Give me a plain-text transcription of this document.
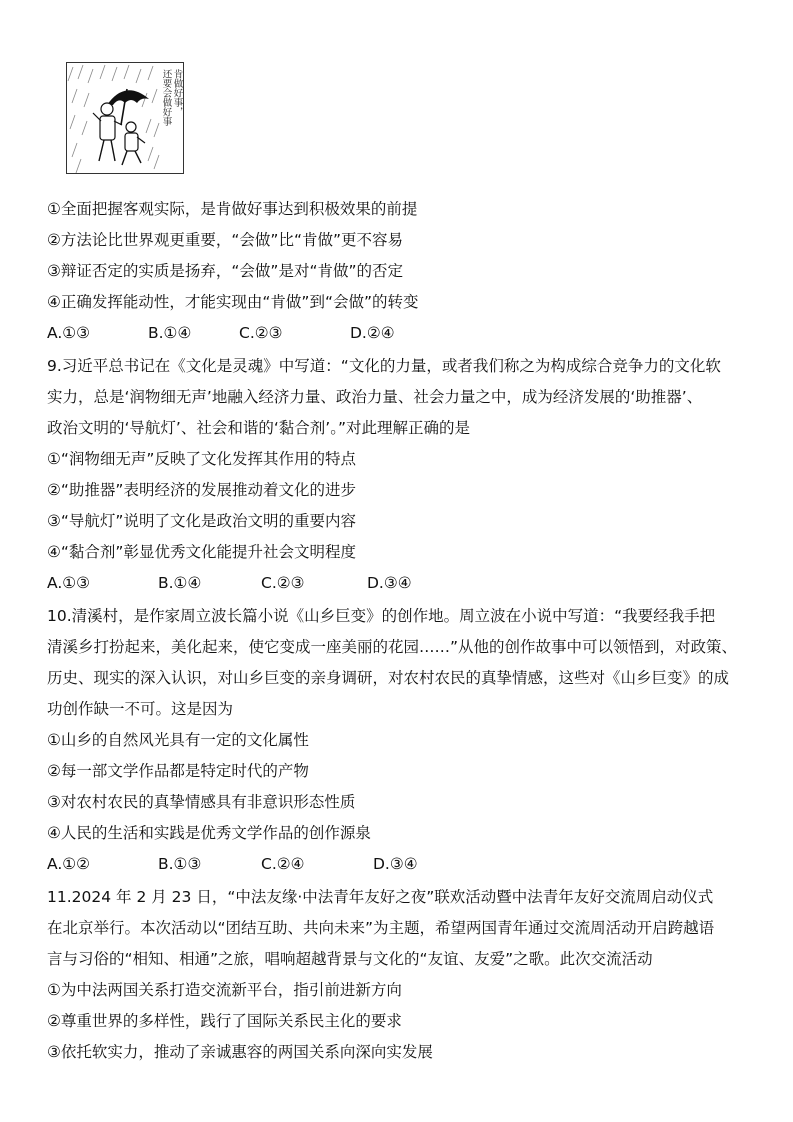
肯做好事，
还要会做好事
①全面把握客观实际，是肯做好事达到积极效果的前提
②方法论比世界观更重要，“会做”比“肯做”更不容易
③辩证否定的实质是扬弃，“会做”是对“肯做”的否定
④正确发挥能动性，才能实现由“肯做”到“会做”的转变
A.①③	B.①④	C.②③	D.②④
9.习近平总书记在《文化是灵魂》中写道：“文化的力量，或者我们称之为构成综合竞争力的文化软
实力，总是‘润物细无声’地融入经济力量、政治力量、社会力量之中，成为经济发展的‘助推器’、
政治文明的‘导航灯’、社会和谐的‘黏合剂’。”对此理解正确的是
①“润物细无声”反映了文化发挥其作用的特点
②“助推器”表明经济的发展推动着文化的进步
③“导航灯”说明了文化是政治文明的重要内容
④“黏合剂”彰显优秀文化能提升社会文明程度
A.①③	B.①④	C.②③	D.③④
10.清溪村，是作家周立波长篇小说《山乡巨变》的创作地。周立波在小说中写道：“我要经我手把
清溪乡打扮起来，美化起来，使它变成一座美丽的花园……”从他的创作故事中可以领悟到，对政策、
历史、现实的深入认识，对山乡巨变的亲身调研，对农村农民的真挚情感，这些对《山乡巨变》的成
功创作缺一不可。这是因为
①山乡的自然风光具有一定的文化属性
②每一部文学作品都是特定时代的产物
③对农村农民的真挚情感具有非意识形态性质
④人民的生活和实践是优秀文学作品的创作源泉
A.①②	B.①③	C.②④	D.③④
11.2024 年 2 月 23 日，“中法友缘·中法青年友好之夜”联欢活动暨中法青年友好交流周启动仪式
在北京举行。本次活动以“团结互助、共向未来”为主题，希望两国青年通过交流周活动开启跨越语
言与习俗的“相知、相通”之旅，唱响超越背景与文化的“友谊、友爱”之歌。此次交流活动
①为中法两国关系打造交流新平台，指引前进新方向
②尊重世界的多样性，践行了国际关系民主化的要求
③依托软实力，推动了亲诚惠容的两国关系向深向实发展
